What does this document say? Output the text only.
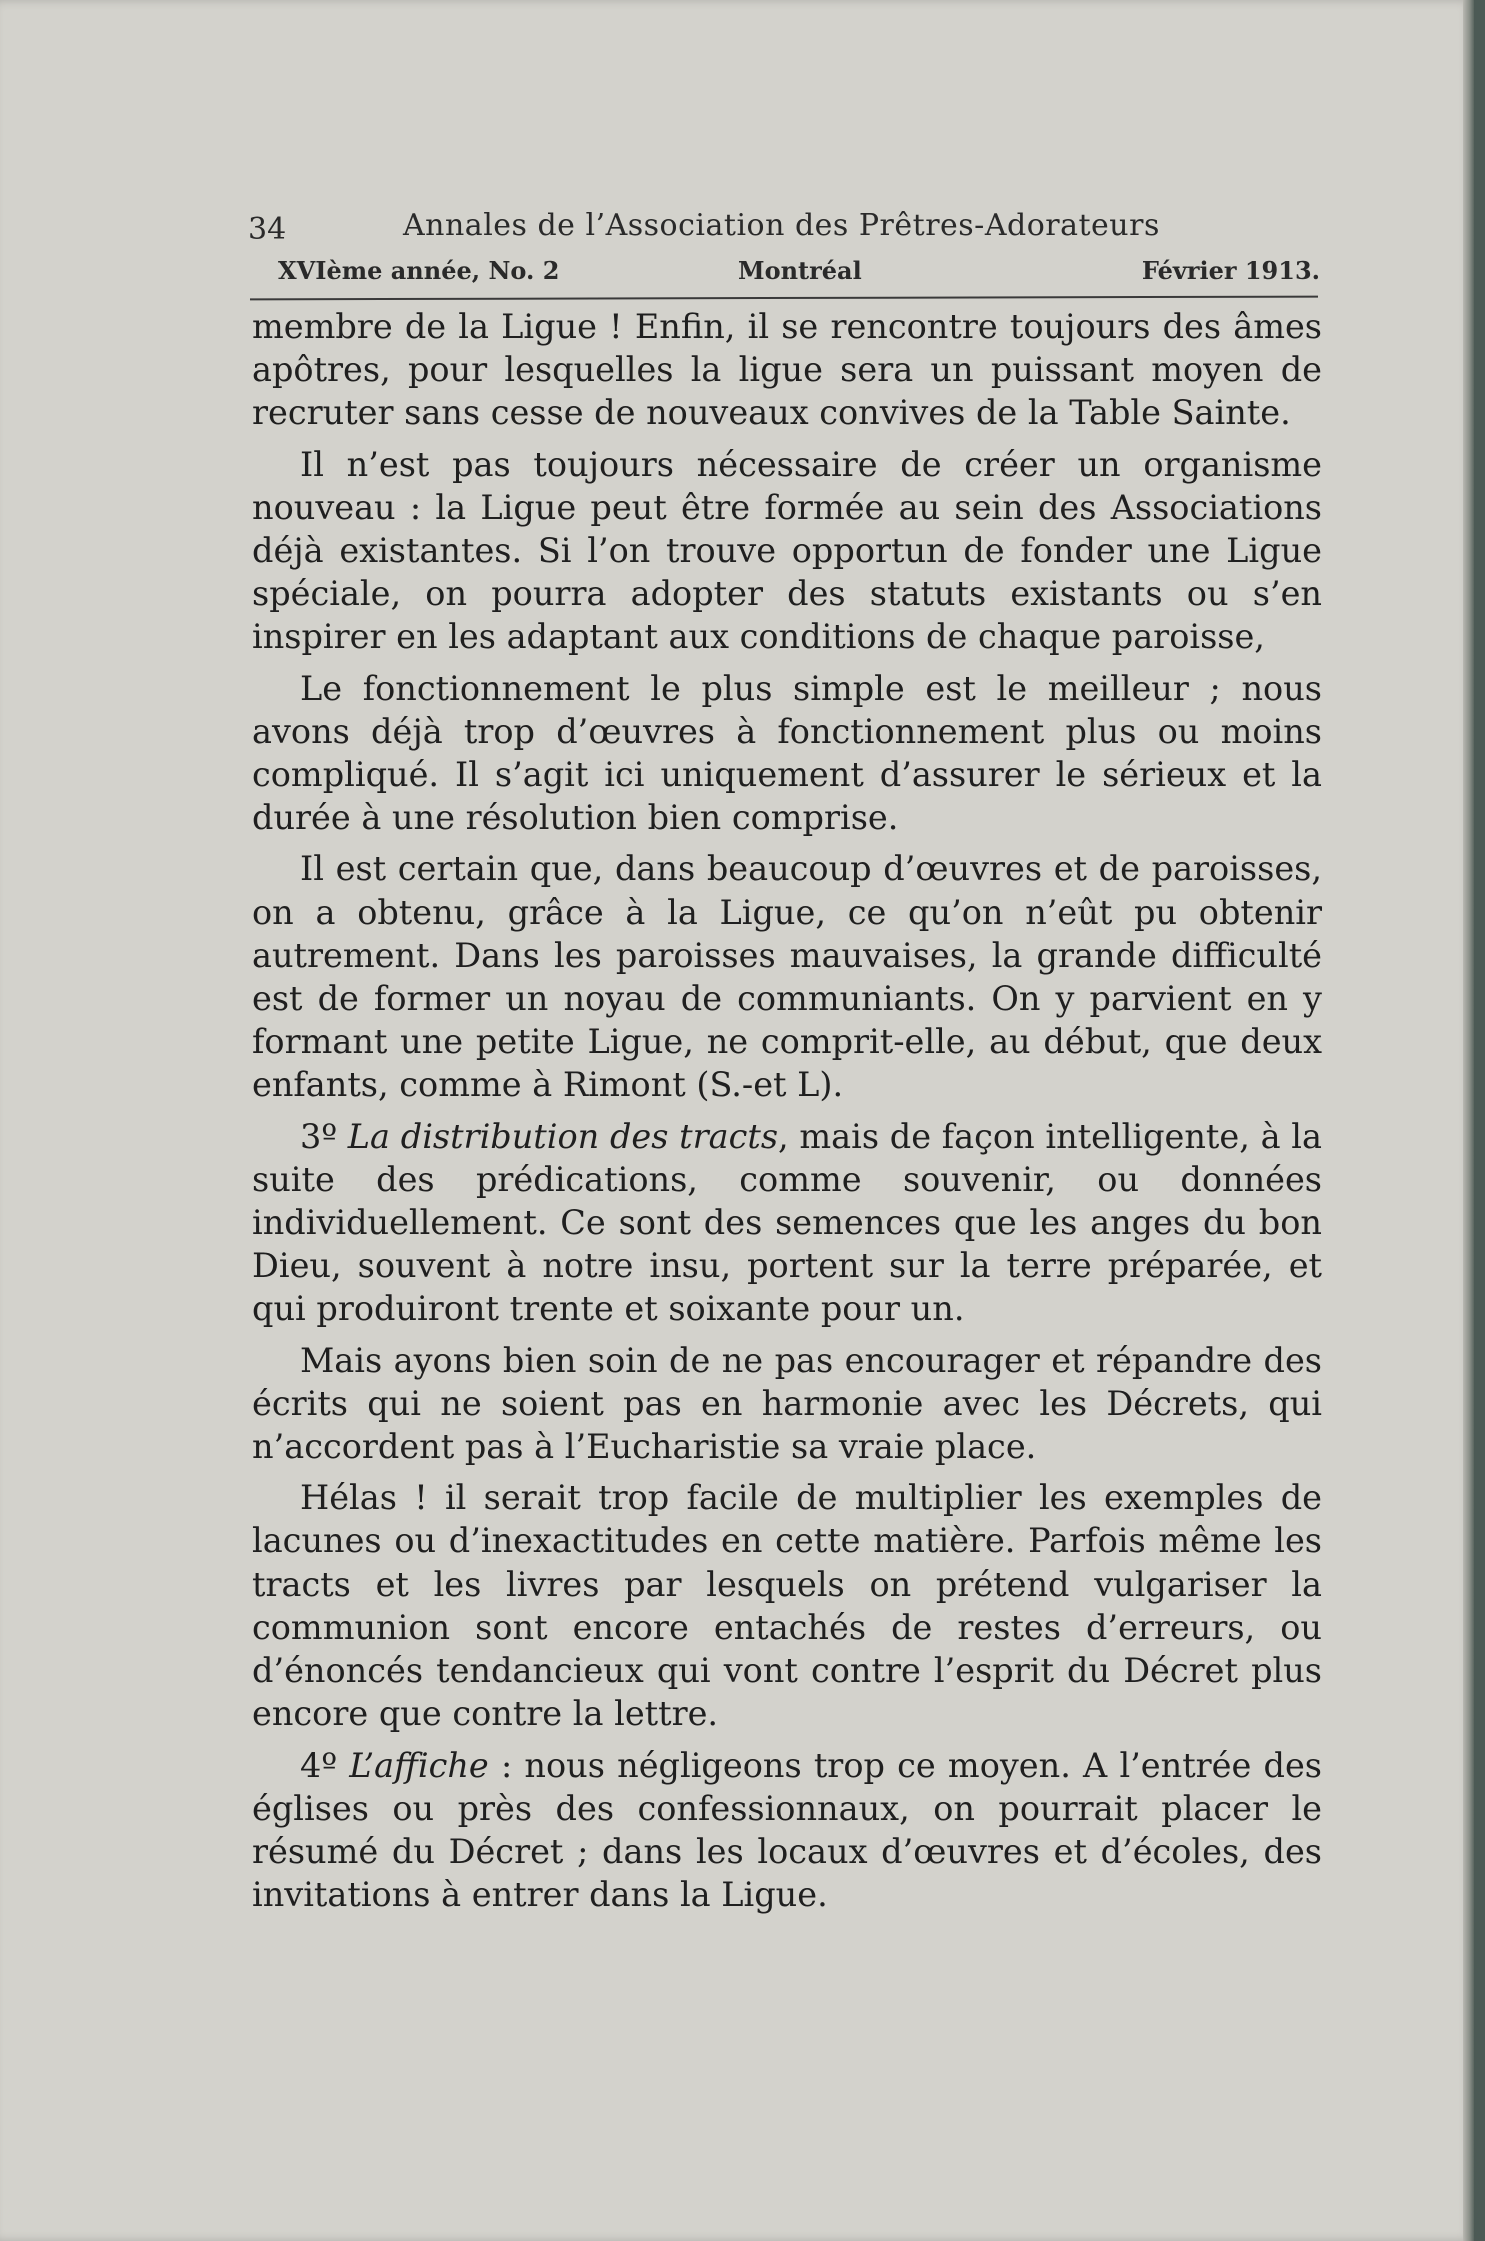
34	Annales de l’Association des Prêtres-Adorateurs
XVIème année, No. 2	Montréal	Février 1913.

membre de la Ligue ! Enfin, il se rencontre toujours des âmes apôtres, pour lesquelles la ligue sera un puissant moyen de recruter sans cesse de nouveaux convives de la Table Sainte.

Il n’est pas toujours nécessaire de créer un organisme nouveau : la Ligue peut être formée au sein des Associations déjà existantes. Si l’on trouve opportun de fonder une Ligue spéciale, on pourra adopter des statuts existants ou s’en inspirer en les adaptant aux conditions de chaque paroisse,

Le fonctionnement le plus simple est le meilleur ; nous avons déjà trop d’œuvres à fonctionnement plus ou moins compliqué. Il s’agit ici uniquement d’assurer le sérieux et la durée à une résolution bien comprise.

Il est certain que, dans beaucoup d’œuvres et de paroisses, on a obtenu, grâce à la Ligue, ce qu’on n’eût pu obtenir autrement. Dans les paroisses mauvaises, la grande difficulté est de former un noyau de communiants. On y parvient en y formant une petite Ligue, ne comprit-elle, au début, que deux enfants, comme à Rimont (S.-et L).

3º La distribution des tracts, mais de façon intelligente, à la suite des prédications, comme souvenir, ou données individuellement. Ce sont des semences que les anges du bon Dieu, souvent à notre insu, portent sur la terre préparée, et qui produiront trente et soixante pour un.

Mais ayons bien soin de ne pas encourager et répandre des écrits qui ne soient pas en harmonie avec les Décrets, qui n’accordent pas à l’Eucharistie sa vraie place.

Hélas ! il serait trop facile de multiplier les exemples de lacunes ou d’inexactitudes en cette matière. Parfois même les tracts et les livres par lesquels on prétend vulgariser la communion sont encore entachés de restes d’erreurs, ou d’énoncés tendancieux qui vont contre l’esprit du Décret plus encore que contre la lettre.

4º L’affiche : nous négligeons trop ce moyen. A l’entrée des églises ou près des confessionnaux, on pourrait placer le résumé du Décret ; dans les locaux d’œuvres et d’écoles, des invitations à entrer dans la Ligue.
